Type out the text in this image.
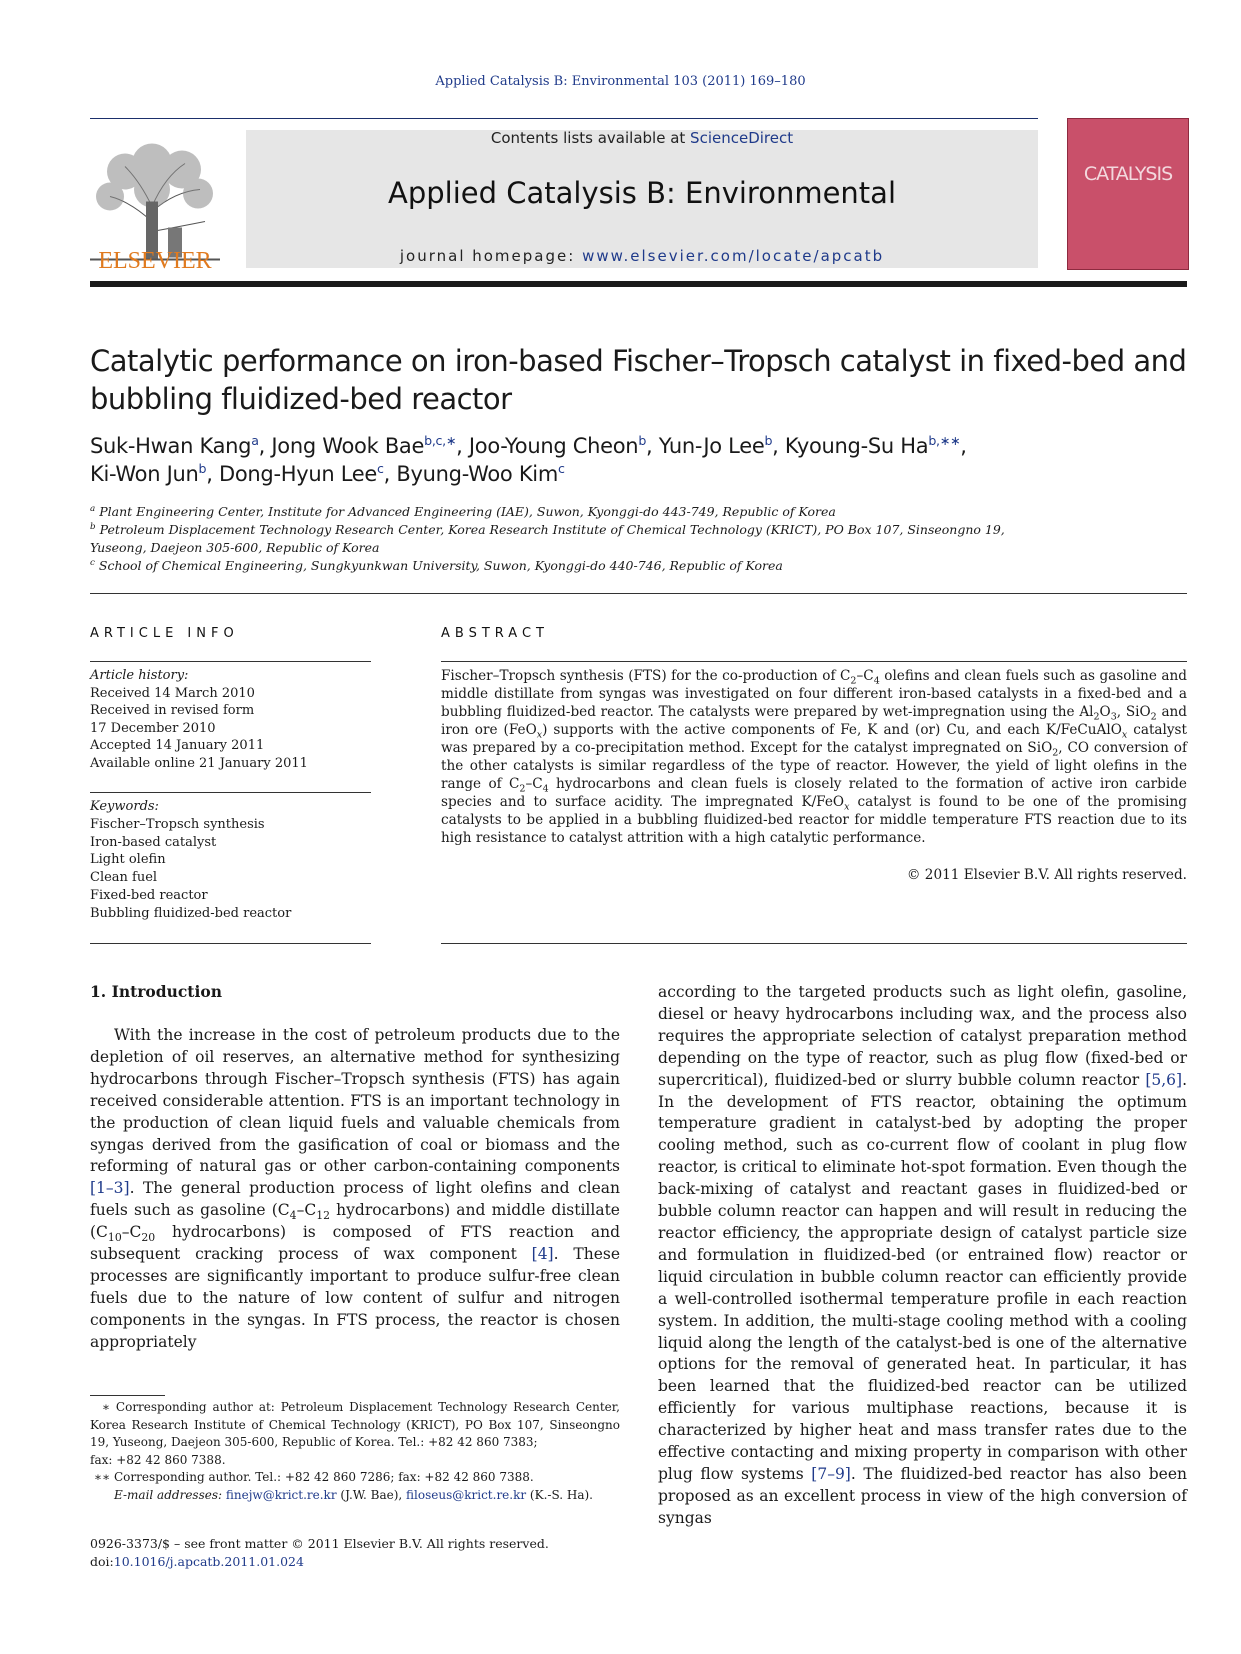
Applied Catalysis B: Environmental 103 (2011) 169–180
ELSEVIER
Contents lists available at ScienceDirect
Applied Catalysis B: Environmental
journal homepage: www.elsevier.com/locate/apcatb
CATALYSIS
Catalytic performance on iron-based Fischer–Tropsch catalyst in fixed-bed and bubbling fluidized-bed reactor
Suk-Hwan Kang$^a$, Jong Wook Bae$^{b,c,∗}$, Joo-Young Cheon$^b$, Yun-Jo Lee$^b$, Kyoung-Su $Ha^{b,∗∗}$,
Ki-Won Jun$^b$, Dong-Hyun Lee$^c$, Byung-Woo Kim$^c$
$^a$ Plant Engineering Center, Institute for Advanced Engineering (IAE), Suwon, Kyonggi-do 443-749, Republic of Korea
$^b$ Petroleum Displacement Technology Research Center, Korea Research Institute of Chemical Technology (KRICT), PO Box 107, Sinseongno 19,
Yuseong, Daejeon 305-600, Republic of Korea
$^c$ School of Chemical Engineering, Sungkyunkwan University, Suwon, Kyonggi-do 440-746, Republic of Korea
ARTICLE INFO	ABSTRACT
Article history:
Received 14 March 2010
Received in revised form
17 December 2010
Accepted 14 January 2011
Available online 21 January 2011
Keywords:
Fischer–Tropsch synthesis
Iron-based catalyst
Light olefin
Clean fuel
Fixed-bed reactor
Bubbling fluidized-bed reactor
Fischer–Tropsch synthesis (FTS) for the co-production of $C_2-C_4$ olefins and clean fuels such as gasoline and middle distillate from syngas was investigated on four different iron-based catalysts in a fixed-bed and a bubbling fluidized-bed reactor. The catalysts were prepared by wet-impregnation using the $Al_2O_3$, SiO$_2$ and iron ore (FeO$_x$) supports with the active components of Fe, K and (or) Cu, and each K/FeCuAlO$_x$ catalyst was prepared by a co-precipitation method. Except for the catalyst impregnated on SiO$_2$, CO conversion of the other catalysts is similar regardless of the type of reactor. However, the yield of light olefins in the range of $C_2-C_4$ hydrocarbons and clean fuels is closely related to the formation of active iron carbide species and to surface acidity. The impregnated K/FeO$_x$ catalyst is found to be one of the promising catalysts to be applied in a bubbling fluidized-bed reactor for middle temperature FTS reaction due to its high resistance to catalyst attrition with a high catalytic performance.
© 2011 Elsevier B.V. All rights reserved.
1. Introduction
With the increase in the cost of petroleum products due to the depletion of oil reserves, an alternative method for synthesizing hydrocarbons through Fischer–Tropsch synthesis (FTS) has again received considerable attention. FTS is an important technology in the production of clean liquid fuels and valuable chemicals from syngas derived from the gasification of coal or biomass and the reforming of natural gas or other carbon-containing components [1–3]. The general production process of light olefins and clean fuels such as gasoline ($C_4-C_{12}$ hydrocarbons) and middle distillate ($C_{10}-C_{20}$ hydrocarbons) is composed of FTS reaction and subsequent cracking process of wax component [4]. These processes are significantly important to produce sulfur-free clean fuels due to the nature of low content of sulfur and nitrogen components in the syngas. In FTS process, the reactor is chosen appropriately
according to the targeted products such as light olefin, gasoline, diesel or heavy hydrocarbons including wax, and the process also requires the appropriate selection of catalyst preparation method depending on the type of reactor, such as plug flow (fixed-bed or supercritical), fluidized-bed or slurry bubble column reactor [5,6]. In the development of FTS reactor, obtaining the optimum temperature gradient in catalyst-bed by adopting the proper cooling method, such as co-current flow of coolant in plug flow reactor, is critical to eliminate hot-spot formation. Even though the back-mixing of catalyst and reactant gases in fluidized-bed or bubble column reactor can happen and will result in reducing the reactor efficiency, the appropriate design of catalyst particle size and formulation in fluidized-bed (or entrained flow) reactor or liquid circulation in bubble column reactor can efficiently provide a well-controlled isothermal temperature profile in each reaction system. In addition, the multi-stage cooling method with a cooling liquid along the length of the catalyst-bed is one of the alternative options for the removal of generated heat. In particular, it has been learned that the fluidized-bed reactor can be utilized efficiently for various multiphase reactions, because it is characterized by higher heat and mass transfer rates due to the effective contacting and mixing property in comparison with other plug flow systems [7–9]. The fluidized-bed reactor has also been proposed as an excellent process in view of the high conversion of syngas
∗ Corresponding author at: Petroleum Displacement Technology Research Center, Korea Research Institute of Chemical Technology (KRICT), PO Box 107, Sinseongno 19, Yuseong, Daejeon 305-600, Republic of Korea. Tel.: +82 42 860 7383;
fax: +82 42 860 7388.
∗∗ Corresponding author. Tel.: +82 42 860 7286; fax: +82 42 860 7388.
E-mail addresses: finejw@krict.re.kr (J.W. Bae), filoseus@krict.re.kr (K.-S. Ha).
0926-3373/$ – see front matter © 2011 Elsevier B.V. All rights reserved.
doi:10.1016/j.apcatb.2011.01.024
